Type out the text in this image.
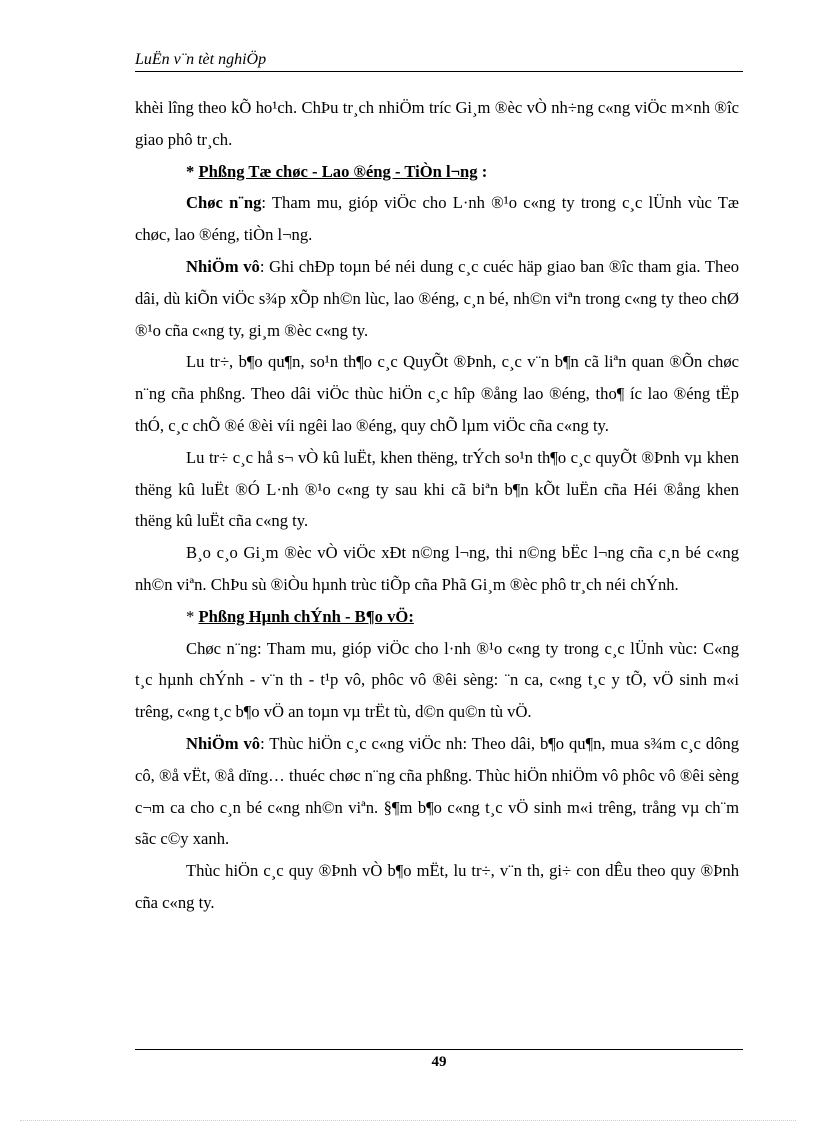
LuËn v¨n tèt nghiÖp

khèi lîng theo kÕ ho¹ch. ChÞu tr¸ch nhiÖm tríc Gi¸m ®èc vÒ nh÷ng c«ng viÖc m×nh ®îc giao phô tr¸ch.

* Phßng Tæ chøc - Lao ®éng - TiÒn l¬ng :

Chøc n¨ng: Tham mu, gióp viÖc cho L·nh ®¹o c«ng ty trong c¸c lÜnh vùc Tæ chøc, lao ®éng, tiÒn l¬ng.

NhiÖm vô: Ghi chÐp toµn bé néi dung c¸c cuéc häp giao ban ®îc tham gia. Theo dâi, dù kiÕn viÖc s¾p xÕp nh©n lùc, lao ®éng, c¸n bé, nh©n viªn trong c«ng ty theo chØ ®¹o cña c«ng ty, gi¸m ®èc c«ng ty.

Lu tr÷, b¶o qu¶n, so¹n th¶o c¸c QuyÕt ®Þnh, c¸c v¨n b¶n cã liªn quan ®Õn chøc n¨ng cña phßng. Theo dâi viÖc thùc hiÖn c¸c hîp ®ång lao ®éng, tho¶ íc lao ®éng tËp thÓ, c¸c chÕ ®é ®èi víi ngêi lao ®éng, quy chÕ lµm viÖc cña c«ng ty.

Lu tr÷ c¸c hå s¬ vÒ kû luËt, khen thëng, trÝch so¹n th¶o c¸c quyÕt ®Þnh vµ khen thëng kû luËt ®Ó L·nh ®¹o c«ng ty sau khi cã biªn b¶n kÕt luËn cña Héi ®ång khen thëng kû luËt cña c«ng ty.

B¸o c¸o Gi¸m ®èc vÒ viÖc xÐt n©ng l¬ng, thi n©ng bËc l¬ng cña c¸n bé c«ng nh©n viªn. ChÞu sù ®iÒu hµnh trùc tiÕp cña Phã Gi¸m ®èc phô tr¸ch néi chÝnh.

* Phßng Hµnh chÝnh - B¶o vÖ:

Chøc n¨ng: Tham mu, gióp viÖc cho l·nh ®¹o c«ng ty trong c¸c lÜnh vùc: C«ng t¸c hµnh chÝnh - v¨n th - t¹p vô, phôc vô ®êi sèng: ¨n ca, c«ng t¸c y tÕ, vÖ sinh m«i trêng, c«ng t¸c b¶o vÖ an toµn vµ trËt tù, d©n qu©n tù vÖ.

NhiÖm vô: Thùc hiÖn c¸c c«ng viÖc nh: Theo dâi, b¶o qu¶n, mua s¾m c¸c dông cô, ®å vËt, ®å dïng… thuéc chøc n¨ng cña phßng. Thùc hiÖn nhiÖm vô phôc vô ®êi sèng c¬m ca cho c¸n bé c«ng nh©n viªn. §¶m b¶o c«ng t¸c vÖ sinh m«i trêng, trång vµ ch¨m sãc c©y xanh.

Thùc hiÖn c¸c quy ®Þnh vÒ b¶o mËt, lu tr÷, v¨n th, gi÷ con dÊu theo quy ®Þnh cña c«ng ty.

49
